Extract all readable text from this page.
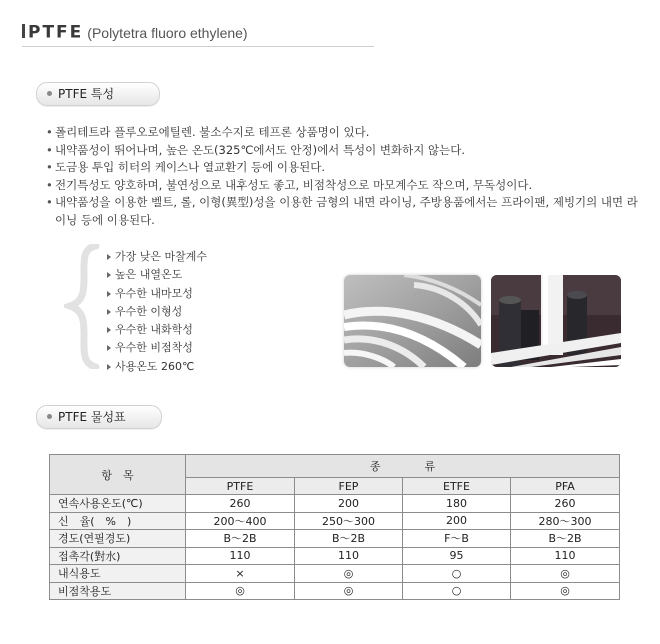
PTFE (Polytetra fluoro ethylene)
PTFE 특성
• 폴리테트라 플루오로에틸렌. 불소수지로 테프론 상품명이 있다.
• 내약품성이 뛰어나며, 높은 온도(325℃에서도 안정)에서 특성이 변화하지 않는다.
• 도금용 투입 히터의 케이스나 열교환기 등에 이용된다.
• 전기특성도 양호하며, 불연성으로 내후성도 좋고, 비점착성으로 마모계수도 작으며, 무독성이다.
• 내약품성을 이용한 벨트, 롤, 이형(異型)성을 이용한 금형의 내면 라이닝, 주방용품에서는 프라이팬, 제빙기의 내면 라이닝 등에 이용된다.
가장 낮은 마찰계수
높은 내열온도
우수한 내마모성
우수한 이형성
우수한 내화학성
우수한 비점착성
사용온도 260℃
PTFE 물성표
항　목	종　　　　류			
	PTFE	FEP	ETFE	PFA
연속사용온도(℃)	260	200	180	260
신　율(　%　)	200～400	250～300	200	280～300
경도(연필경도)	B～2B	B～2B	F～B	B～2B
접촉각(對水)	110	110	95	110
내식용도	×	◎	○	◎
비점착용도	◎	◎	○	◎
